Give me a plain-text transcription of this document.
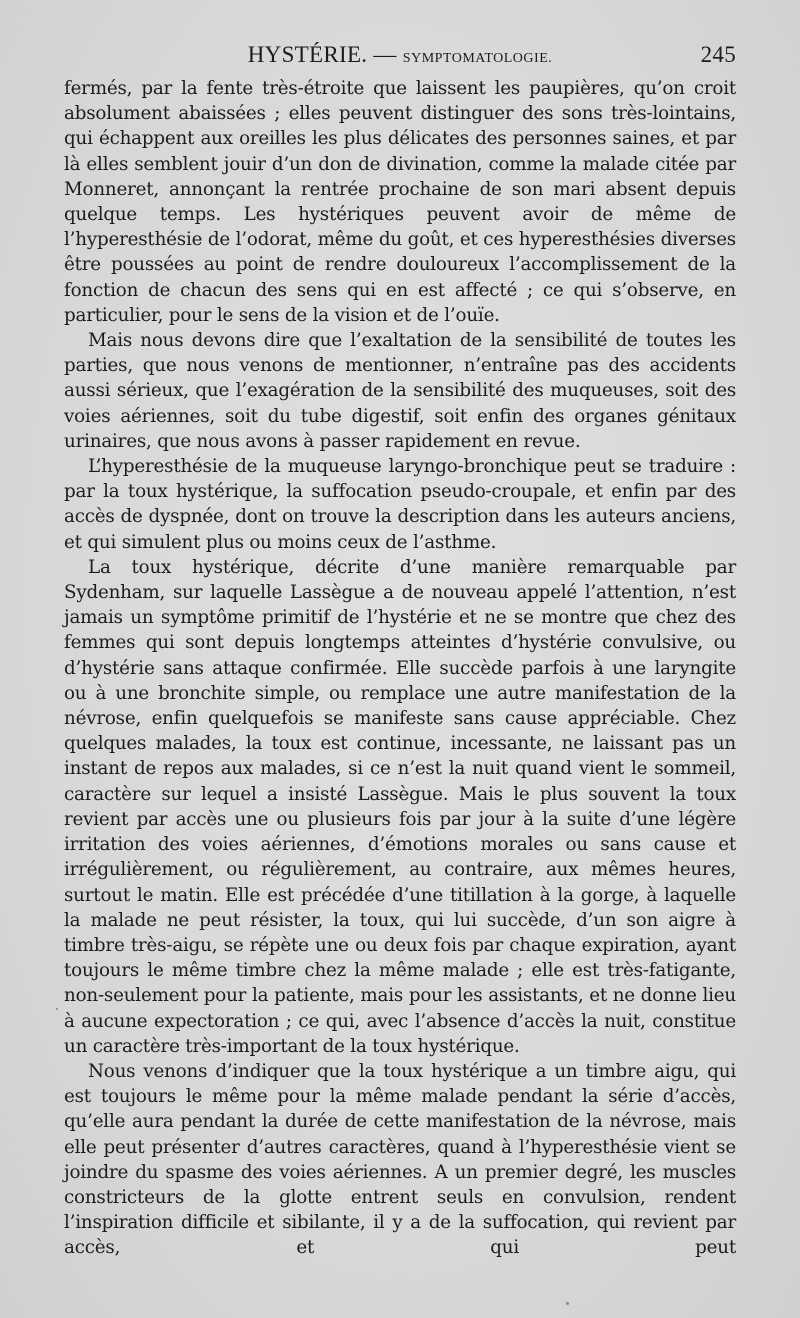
HYSTÉRIE. — SYMPTOMATOLOGIE.	245

fermés, par la fente très-étroite que laissent les paupières, qu’on croit absolument abaissées ; elles peuvent distinguer des sons très-lointains, qui échappent aux oreilles les plus délicates des personnes saines, et par là elles semblent jouir d’un don de divination, comme la malade citée par Monneret, annonçant la rentrée prochaine de son mari absent depuis quelque temps. Les hystériques peuvent avoir de même de l’hyperesthésie de l’odorat, même du goût, et ces hyperesthésies diverses être poussées au point de rendre douloureux l’accomplissement de la fonction de chacun des sens qui en est affecté ; ce qui s’observe, en particulier, pour le sens de la vision et de l’ouïe.

Mais nous devons dire que l’exaltation de la sensibilité de toutes les parties, que nous venons de mentionner, n’entraîne pas des accidents aussi sérieux, que l’exagération de la sensibilité des muqueuses, soit des voies aériennes, soit du tube digestif, soit enfin des organes génitaux urinaires, que nous avons à passer rapidement en revue.

L’hyperesthésie de la muqueuse laryngo-bronchique peut se traduire : par la toux hystérique, la suffocation pseudo-croupale, et enfin par des accès de dyspnée, dont on trouve la description dans les auteurs anciens, et qui simulent plus ou moins ceux de l’asthme.

La toux hystérique, décrite d’une manière remarquable par Sydenham, sur laquelle Lassègue a de nouveau appelé l’attention, n’est jamais un symptôme primitif de l’hystérie et ne se montre que chez des femmes qui sont depuis longtemps atteintes d’hystérie convulsive, ou d’hystérie sans attaque confirmée. Elle succède parfois à une laryngite ou à une bronchite simple, ou remplace une autre manifestation de la névrose, enfin quelquefois se manifeste sans cause appréciable. Chez quelques malades, la toux est continue, incessante, ne laissant pas un instant de repos aux malades, si ce n’est la nuit quand vient le sommeil, caractère sur lequel a insisté Lassègue. Mais le plus souvent la toux revient par accès une ou plusieurs fois par jour à la suite d’une légère irritation des voies aériennes, d’émotions morales ou sans cause et irrégulièrement, ou régulièrement, au contraire, aux mêmes heures, surtout le matin. Elle est précédée d’une titillation à la gorge, à laquelle la malade ne peut résister, la toux, qui lui succède, d’un son aigre à timbre très-aigu, se répète une ou deux fois par chaque expiration, ayant toujours le même timbre chez la même malade ; elle est très-fatigante, non-seulement pour la patiente, mais pour les assistants, et ne donne lieu à aucune expectoration ; ce qui, avec l’absence d’accès la nuit, constitue un caractère très-important de la toux hystérique.

Nous venons d’indiquer que la toux hystérique a un timbre aigu, qui est toujours le même pour la même malade pendant la série d’accès, qu’elle aura pendant la durée de cette manifestation de la névrose, mais elle peut présenter d’autres caractères, quand à l’hyperesthésie vient se joindre du spasme des voies aériennes. A un premier degré, les muscles constricteurs de la glotte entrent seuls en convulsion, rendent l’inspiration difficile et sibilante, il y a de la suffocation, qui revient par accès, et qui peut
